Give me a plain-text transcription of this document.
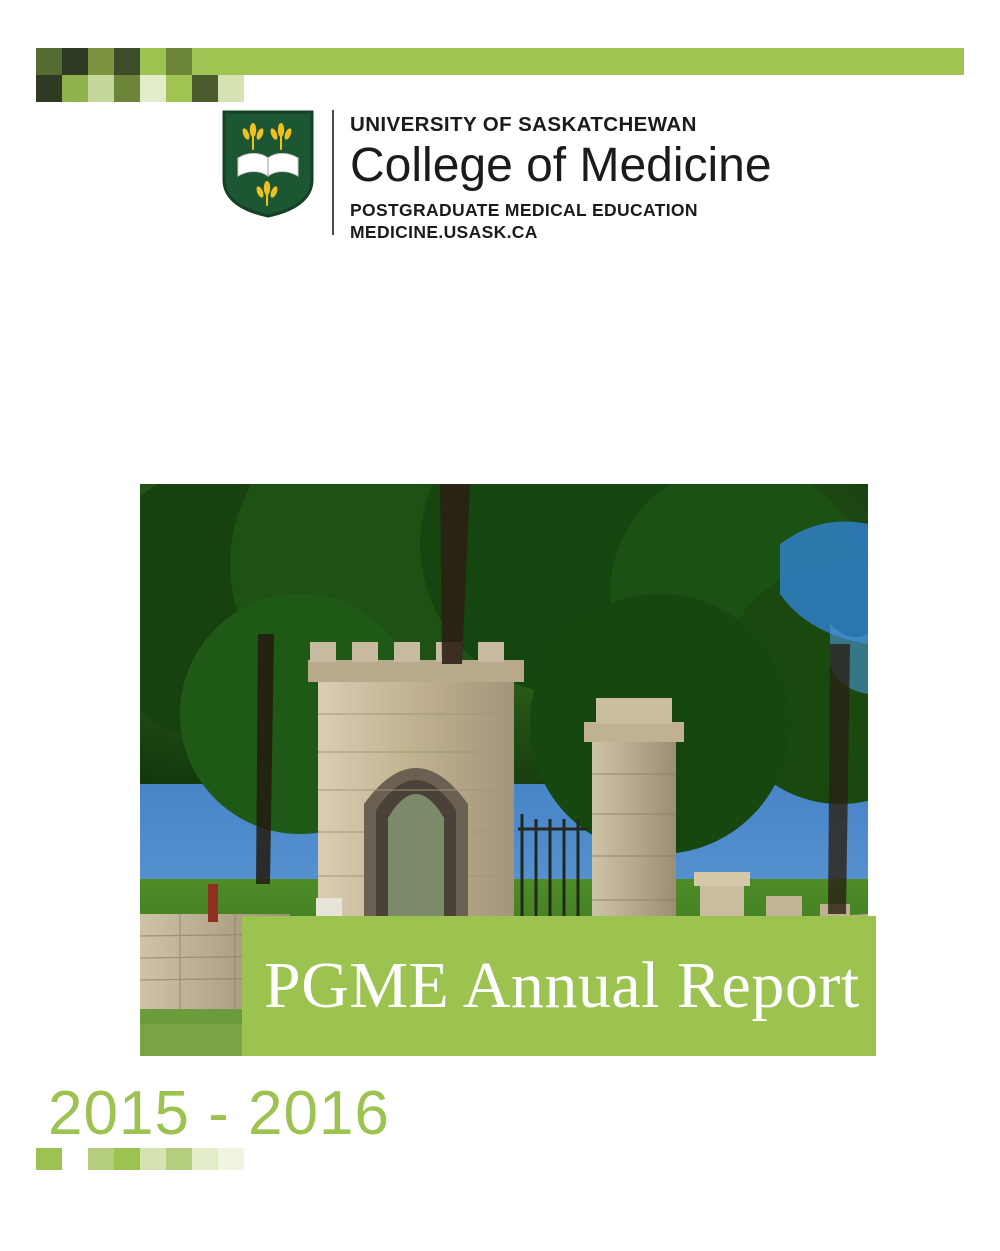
UNIVERSITY OF SASKATCHEWAN
College of Medicine
POSTGRADUATE MEDICAL EDUCATION
MEDICINE.USASK.CA
PGME Annual Report
2015 - 2016
